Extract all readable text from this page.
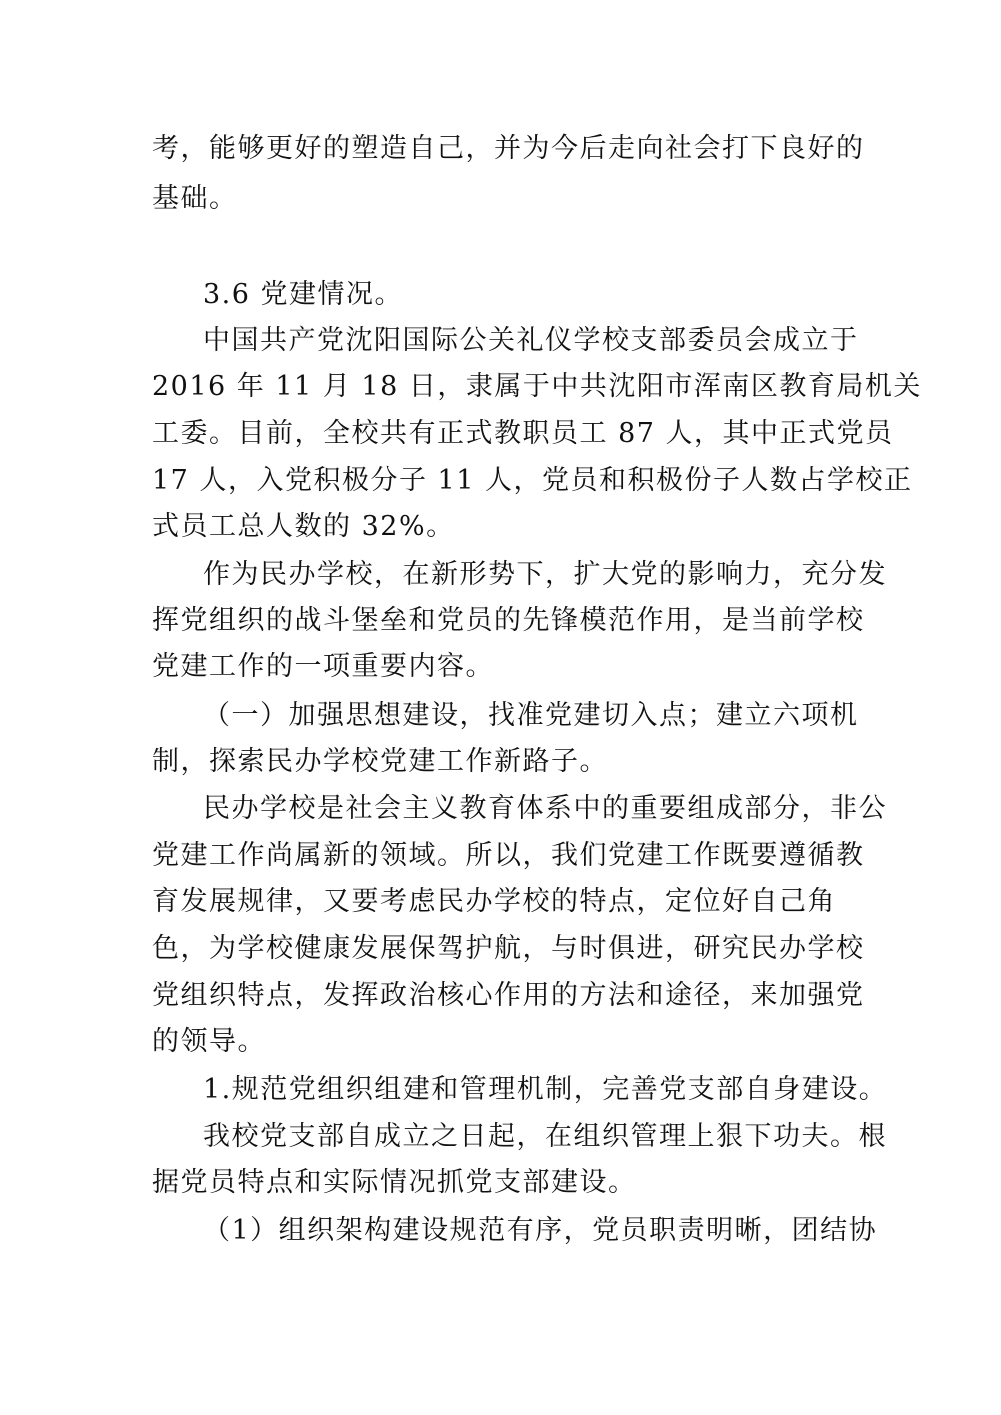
考，能够更好的塑造自己，并为今后走向社会打下良好的
基础。
3.6 党建情况。
中国共产党沈阳国际公关礼仪学校支部委员会成立于
2016 年 11 月 18 日，隶属于中共沈阳市浑南区教育局机关
工委。目前，全校共有正式教职员工 87 人，其中正式党员
17 人，入党积极分子 11 人，党员和积极份子人数占学校正
式员工总人数的 32%。
作为民办学校，在新形势下，扩大党的影响力，充分发
挥党组织的战斗堡垒和党员的先锋模范作用，是当前学校
党建工作的一项重要内容。
（一）加强思想建设，找准党建切入点；建立六项机
制，探索民办学校党建工作新路子。
民办学校是社会主义教育体系中的重要组成部分，非公
党建工作尚属新的领域。所以，我们党建工作既要遵循教
育发展规律，又要考虑民办学校的特点，定位好自己角
色，为学校健康发展保驾护航，与时俱进，研究民办学校
党组织特点，发挥政治核心作用的方法和途径，来加强党
的领导。
1.规范党组织组建和管理机制，完善党支部自身建设。
我校党支部自成立之日起，在组织管理上狠下功夫。根
据党员特点和实际情况抓党支部建设。
（1）组织架构建设规范有序，党员职责明晰，团结协
